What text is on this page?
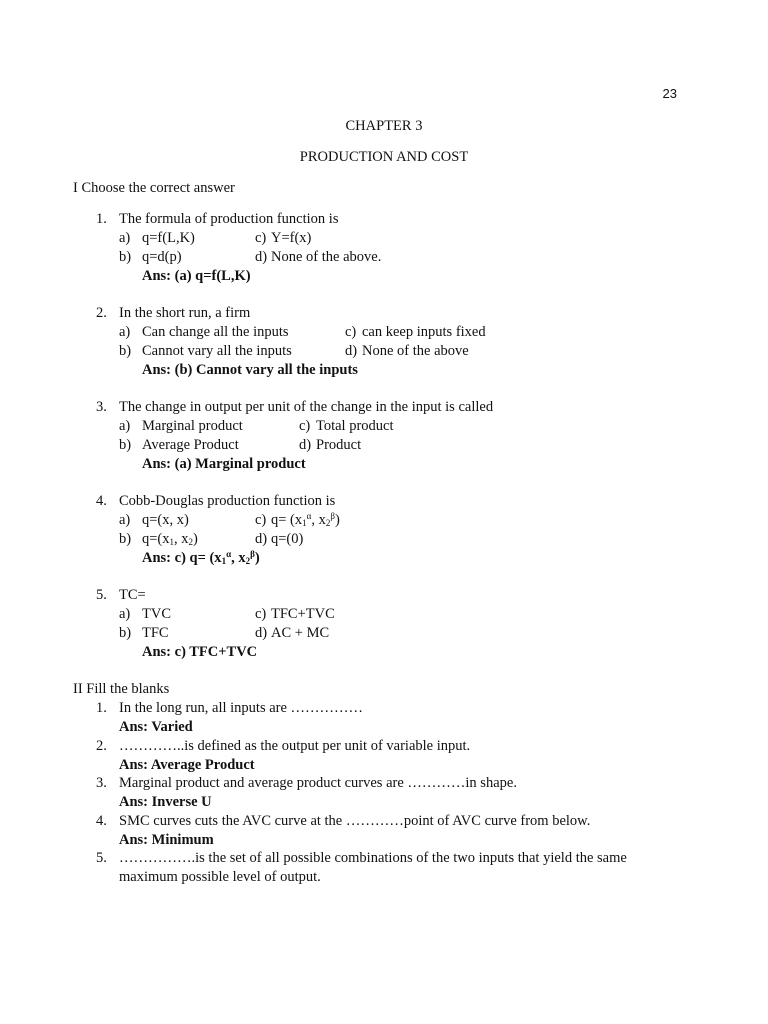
23
CHAPTER 3
PRODUCTION AND COST
I Choose the correct answer
1. The formula of production function is
a) q=f(L,K)	c) Y=f(x)
b) q=d(p)	d) None of the above.
Ans: (a) q=f(L,K)
2. In the short run, a firm
a) Can change all the inputs	c) can keep inputs fixed
b) Cannot vary all the inputs	d) None of the above
Ans: (b) Cannot vary all the inputs
3. The change in output per unit of the change in the input is called
a) Marginal product	c) Total product
b) Average Product	d) Product
Ans: (a) Marginal product
4. Cobb-Douglas production function is
a) q=(x, x)	c) $q= (x_1^\alpha$, $x_2^\beta$)
b) $q=(x_1$, $x_2$)	d) q=(0)
Ans: c) $q= (x_1^\alpha$, $x_2^\beta$)
5. TC=
a) TVC	c) TFC+TVC
b) TFC	d) AC + MC
Ans: c) TFC+TVC
II Fill the blanks
1. In the long run, all inputs are ……………
Ans: Varied
2. …………..is defined as the output per unit of variable input.
Ans: Average Product
3. Marginal product and average product curves are …………in shape.
Ans: Inverse U
4. SMC curves cuts the AVC curve at the …………point of AVC curve from below.
Ans: Minimum
5. …………….is the set of all possible combinations of the two inputs that yield the same
maximum possible level of output.
